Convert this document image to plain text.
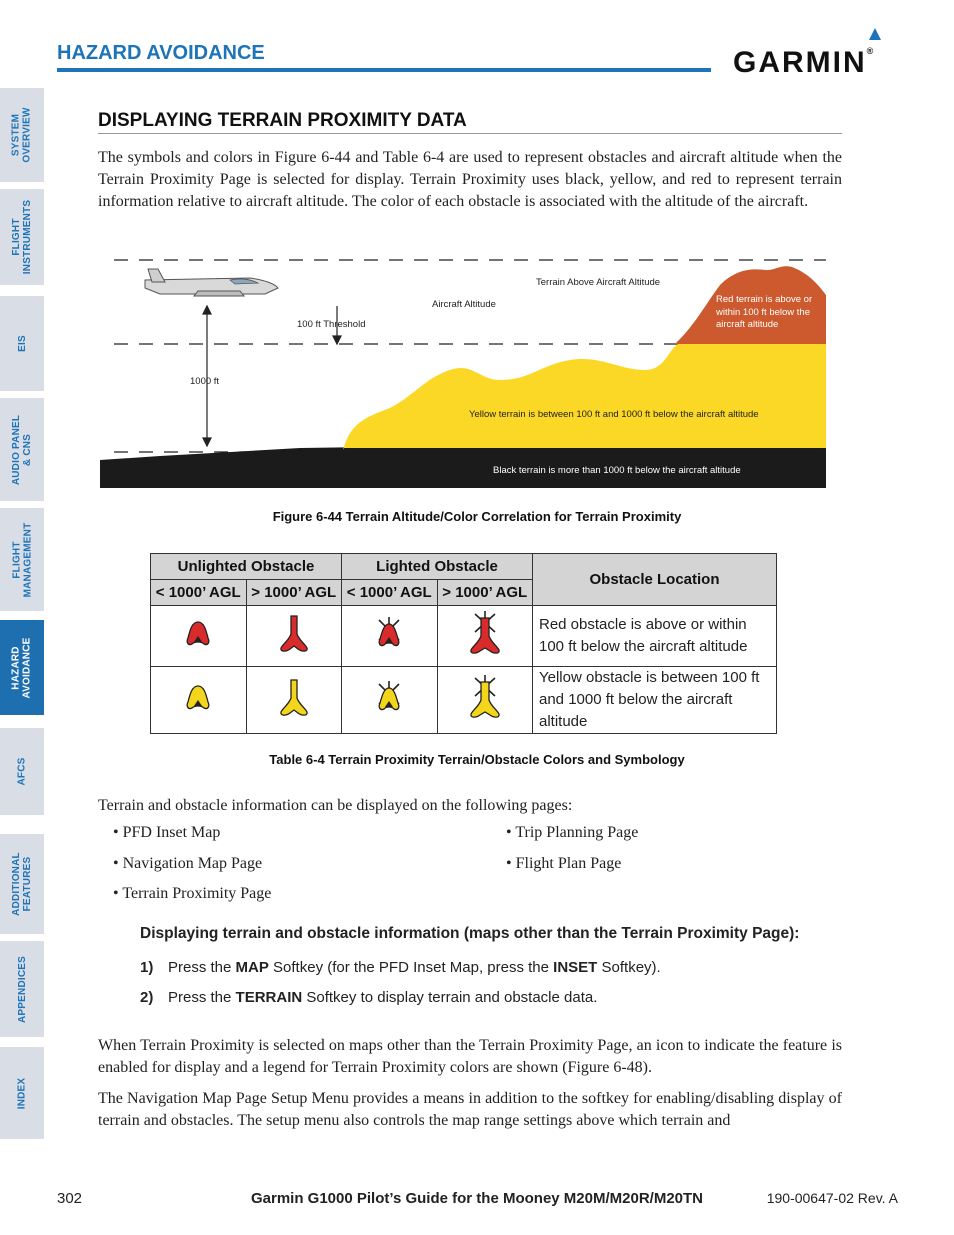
SYSTEM
OVERVIEW
FLIGHT
INSTRUMENTS
EIS
AUDIO PANEL
& CNS
FLIGHT
MANAGEMENT
HAZARD
AVOIDANCE
AFCS
ADDITIONAL
FEATURES
APPENDICES
INDEX
HAZARD AVOIDANCE	GARMIN®
DISPLAYING TERRAIN PROXIMITY DATA
The symbols and colors in Figure 6-44 and Table 6-4 are used to represent obstacles and aircraft altitude when the Terrain Proximity Page is selected for display. Terrain Proximity uses black, yellow, and red to represent terrain information relative to aircraft altitude. The color of each obstacle is associated with the altitude of the aircraft.
Terrain Above Aircraft Altitude
Aircraft Altitude
100 ft Threshold
1000 ft
Red terrain is above or within 100 ft below the aircraft altitude
Yellow terrain is between 100 ft and 1000 ft below the aircraft altitude
Black terrain is more than 1000 ft below the aircraft altitude
Figure 6-44 Terrain Altitude/Color Correlation for Terrain Proximity
Unlighted Obstacle		Lighted Obstacle		Obstacle Location
< 1000’ AGL	> 1000’ AGL	< 1000’ AGL	> 1000’ AGL	
				Red obstacle is above or within 100 ft below the aircraft altitude
				Yellow obstacle is between 100 ft and 1000 ft below the aircraft altitude
Table 6-4 Terrain Proximity Terrain/Obstacle Colors and Symbology
Terrain and obstacle information can be displayed on the following pages:
• PFD Inset Map
• Navigation Map Page
• Terrain Proximity Page
• Trip Planning Page
• Flight Plan Page
Displaying terrain and obstacle information (maps other than the Terrain Proximity Page):
1) Press the MAP Softkey (for the PFD Inset Map, press the INSET Softkey).
2) Press the TERRAIN Softkey to display terrain and obstacle data.
When Terrain Proximity is selected on maps other than the Terrain Proximity Page, an icon to indicate the feature is enabled for display and a legend for Terrain Proximity colors are shown (Figure 6-48).
The Navigation Map Page Setup Menu provides a means in addition to the softkey for enabling/disabling display of terrain and obstacles. The setup menu also controls the map range settings above which terrain and
302	Garmin G1000 Pilot’s Guide for the Mooney M20M/M20R/M20TN	190-00647-02 Rev. A
